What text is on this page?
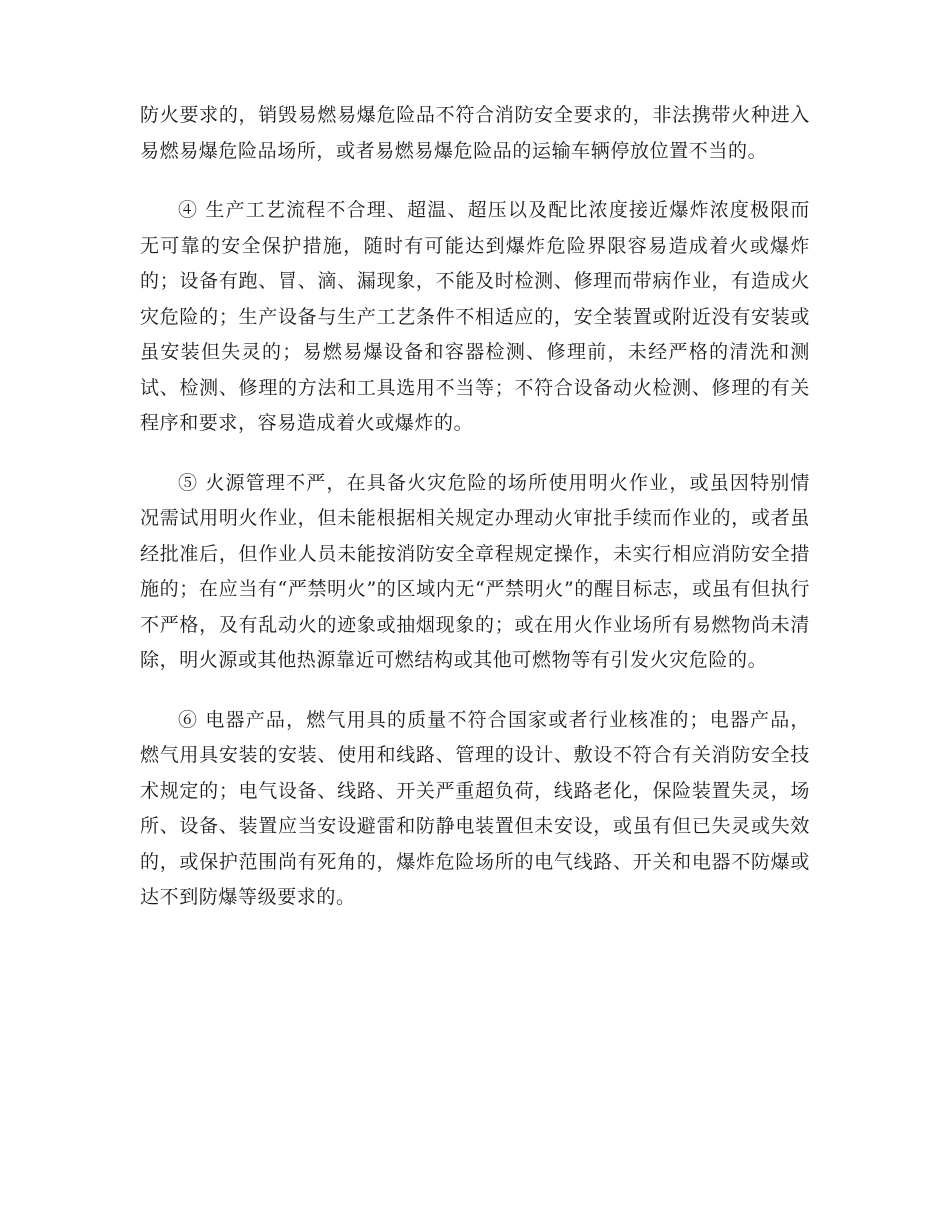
防火要求的，销毁易燃易爆危险品不符合消防安全要求的，非法携带火种进入易燃易爆危险品场所，或者易燃易爆危险品的运输车辆停放位置不当的。

④ 生产工艺流程不合理、超温、超压以及配比浓度接近爆炸浓度极限而无可靠的安全保护措施，随时有可能达到爆炸危险界限容易造成着火或爆炸的；设备有跑、冒、滴、漏现象，不能及时检测、修理而带病作业，有造成火灾危险的；生产设备与生产工艺条件不相适应的，安全装置或附近没有安装或虽安装但失灵的；易燃易爆设备和容器检测、修理前，未经严格的清洗和测试、检测、修理的方法和工具选用不当等；不符合设备动火检测、修理的有关程序和要求，容易造成着火或爆炸的。

⑤ 火源管理不严，在具备火灾危险的场所使用明火作业，或虽因特别情况需试用明火作业，但未能根据相关规定办理动火审批手续而作业的，或者虽经批准后，但作业人员未能按消防安全章程规定操作，未实行相应消防安全措施的；在应当有“严禁明火”的区域内无“严禁明火”的醒目标志，或虽有但执行不严格，及有乱动火的迹象或抽烟现象的；或在用火作业场所有易燃物尚未清除，明火源或其他热源靠近可燃结构或其他可燃物等有引发火灾危险的。

⑥ 电器产品，燃气用具的质量不符合国家或者行业核准的；电器产品，燃气用具安装的安装、使用和线路、管理的设计、敷设不符合有关消防安全技术规定的；电气设备、线路、开关严重超负荷，线路老化，保险装置失灵，场所、设备、装置应当安设避雷和防静电装置但未安设，或虽有但已失灵或失效的，或保护范围尚有死角的，爆炸危险场所的电气线路、开关和电器不防爆或达不到防爆等级要求的。
